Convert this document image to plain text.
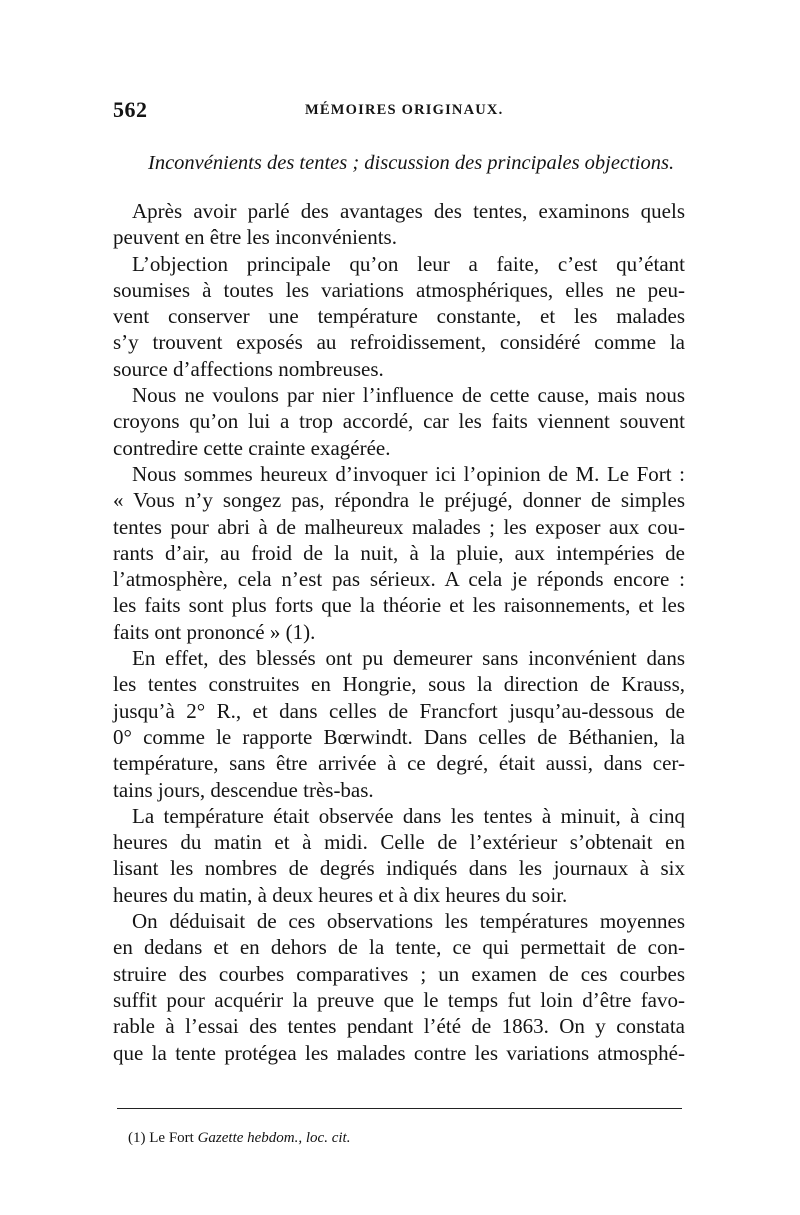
562	MÉMOIRES ORIGINAUX.
Inconvénients des tentes ; discussion des principales objections.
Après avoir parlé des avantages des tentes, examinons quels
peuvent en être les inconvénients.
L’objection principale qu’on leur a faite, c’est qu’étant
soumises à toutes les variations atmosphériques, elles ne peu-
vent conserver une température constante, et les malades
s’y trouvent exposés au refroidissement, considéré comme la
source d’affections nombreuses.
Nous ne voulons par nier l’influence de cette cause, mais nous
croyons qu’on lui a trop accordé, car les faits viennent souvent
contredire cette crainte exagérée.
Nous sommes heureux d’invoquer ici l’opinion de M. Le Fort :
« Vous n’y songez pas, répondra le préjugé, donner de simples
tentes pour abri à de malheureux malades ; les exposer aux cou-
rants d’air, au froid de la nuit, à la pluie, aux intempéries de
l’atmosphère, cela n’est pas sérieux. A cela je réponds encore :
les faits sont plus forts que la théorie et les raisonnements, et les
faits ont prononcé » (1).
En effet, des blessés ont pu demeurer sans inconvénient dans
les tentes construites en Hongrie, sous la direction de Krauss,
jusqu’à 2° R., et dans celles de Francfort jusqu’au-dessous de
0° comme le rapporte Bœrwindt. Dans celles de Béthanien, la
température, sans être arrivée à ce degré, était aussi, dans cer-
tains jours, descendue très-bas.
La température était observée dans les tentes à minuit, à cinq
heures du matin et à midi. Celle de l’extérieur s’obtenait en
lisant les nombres de degrés indiqués dans les journaux à six
heures du matin, à deux heures et à dix heures du soir.
On déduisait de ces observations les températures moyennes
en dedans et en dehors de la tente, ce qui permettait de con-
struire des courbes comparatives ; un examen de ces courbes
suffit pour acquérir la preuve que le temps fut loin d’être favo-
rable à l’essai des tentes pendant l’été de 1863. On y constata
que la tente protégea les malades contre les variations atmosphé-
(1) Le Fort Gazette hebdom., loc. cit.
